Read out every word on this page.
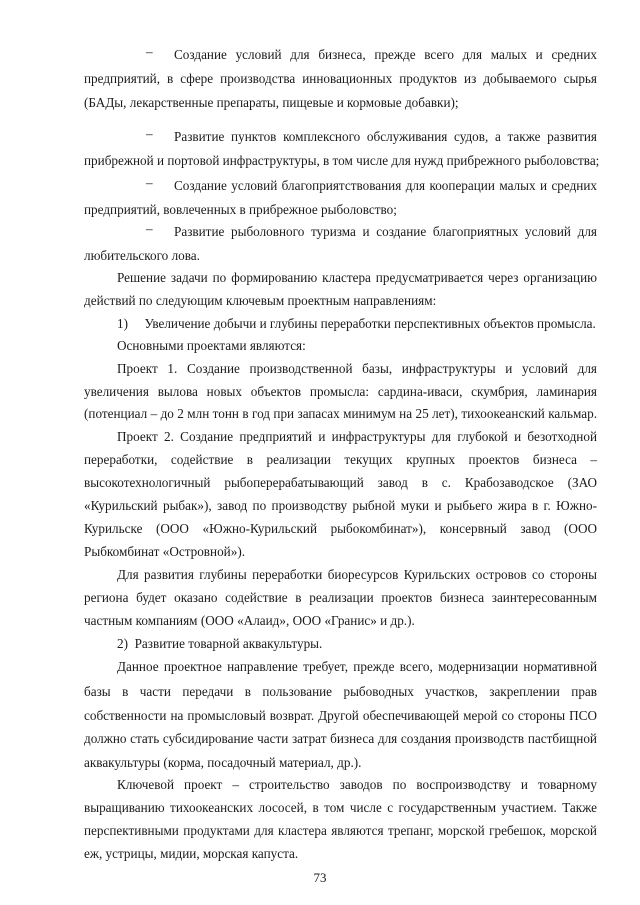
– Создание условий для бизнеса, прежде всего для малых и средних
предприятий, в сфере производства инновационных продуктов из добываемого сырья
(БАДы, лекарственные препараты, пищевые и кормовые добавки);
– Развитие пунктов комплексного обслуживания судов, а также развития
прибрежной и портовой инфраструктуры, в том числе для нужд прибрежного рыболовства;
– Создание условий благоприятствования для кооперации малых и средних
предприятий, вовлеченных в прибрежное рыболовство;
– Развитие рыболовного туризма и создание благоприятных условий для
любительского лова.
Решение задачи по формированию кластера предусматривается через организацию
действий по следующим ключевым проектным направлениям:
1)     Увеличение добычи и глубины переработки перспективных объектов промысла.
Основными проектами являются:
Проект 1. Создание производственной базы, инфраструктуры и условий для
увеличения вылова новых объектов промысла: сардина-иваси, скумбрия, ламинария
(потенциал – до 2 млн тонн в год при запасах минимум на 25 лет), тихоокеанский кальмар.
Проект 2. Создание предприятий и инфраструктуры для глубокой и безотходной
переработки, содействие в реализации текущих крупных проектов бизнеса –
высокотехнологичный рыбоперерабатывающий завод в с. Крабозаводское (ЗАО
«Курильский рыбак»), завод по производству рыбной муки и рыбьего жира в г. Южно-
Курильске (ООО «Южно-Курильский рыбокомбинат»), консервный завод (ООО
Рыбкомбинат «Островной»).
Для развития глубины переработки биоресурсов Курильских островов со стороны
региона будет оказано содействие в реализации проектов бизнеса заинтересованным
частным компаниям (ООО «Алаид», ООО «Гранис» и др.).
2)  Развитие товарной аквакультуры.
Данное проектное направление требует, прежде всего, модернизации нормативной
базы в части передачи в пользование рыбоводных участков, закреплении прав
собственности на промысловый возврат. Другой обеспечивающей мерой со стороны ПСО
должно стать субсидирование части затрат бизнеса для создания производств пастбищной
аквакультуры (корма, посадочный материал, др.).
Ключевой проект – строительство заводов по воспроизводству и товарному
выращиванию тихоокеанских лососей, в том числе с государственным участием. Также
перспективными продуктами для кластера являются трепанг, морской гребешок, морской
еж, устрицы, мидии, морская капуста.
73
